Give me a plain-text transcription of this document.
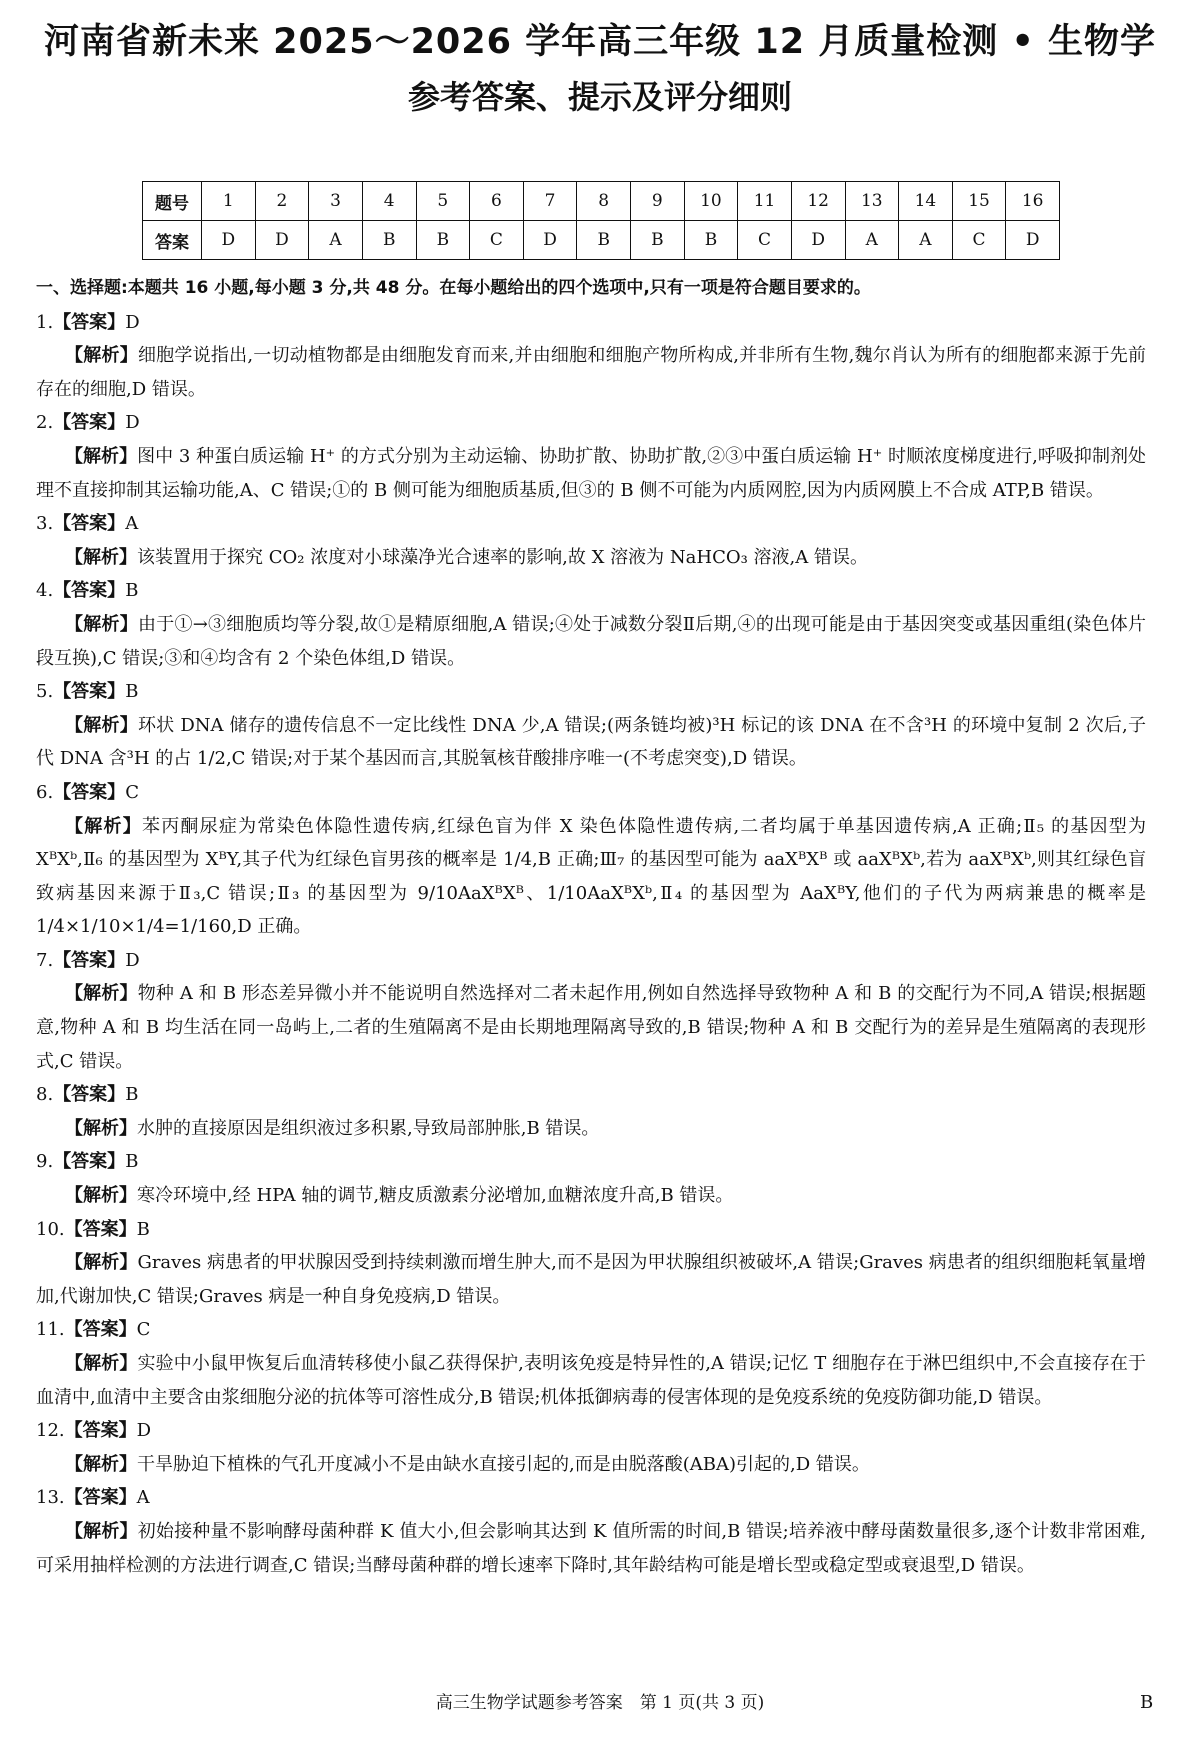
河南省新未来 2025～2026 学年高三年级 12 月质量检测 • 生物学
参考答案、提示及评分细则
题号	1	2	3	4	5	6	7	8	9	10	11	12	13	14	15	16
答案	D	D	A	B	B	C	D	B	B	B	C	D	A	A	C	D
一、选择题:本题共 16 小题,每小题 3 分,共 48 分。在每小题给出的四个选项中,只有一项是符合题目要求的。
1.【答案】D
【解析】细胞学说指出,一切动植物都是由细胞发育而来,并由细胞和细胞产物所构成,并非所有生物,魏尔肖认为所有的细胞都来源于先前存在的细胞,D 错误。
2.【答案】D
【解析】图中 3 种蛋白质运输 H⁺ 的方式分别为主动运输、协助扩散、协助扩散,②③中蛋白质运输 H⁺ 时顺浓度梯度进行,呼吸抑制剂处理不直接抑制其运输功能,A、C 错误;①的 B 侧可能为细胞质基质,但③的 B 侧不可能为内质网腔,因为内质网膜上不合成 ATP,B 错误。
3.【答案】A
【解析】该装置用于探究 CO₂ 浓度对小球藻净光合速率的影响,故 X 溶液为 NaHCO₃ 溶液,A 错误。
4.【答案】B
【解析】由于①→③细胞质均等分裂,故①是精原细胞,A 错误;④处于减数分裂Ⅱ后期,④的出现可能是由于基因突变或基因重组(染色体片段互换),C 错误;③和④均含有 2 个染色体组,D 错误。
5.【答案】B
【解析】环状 DNA 储存的遗传信息不一定比线性 DNA 少,A 错误;(两条链均被)³H 标记的该 DNA 在不含³H 的环境中复制 2 次后,子代 DNA 含³H 的占 1/2,C 错误;对于某个基因而言,其脱氧核苷酸排序唯一(不考虑突变),D 错误。
6.【答案】C
【解析】苯丙酮尿症为常染色体隐性遗传病,红绿色盲为伴 X 染色体隐性遗传病,二者均属于单基因遗传病,A 正确;Ⅱ₅ 的基因型为 XᴮXᵇ,Ⅱ₆ 的基因型为 XᴮY,其子代为红绿色盲男孩的概率是 1/4,B 正确;Ⅲ₇ 的基因型可能为 aaXᴮXᴮ 或 aaXᴮXᵇ,若为 aaXᴮXᵇ,则其红绿色盲致病基因来源于Ⅱ₃,C 错误;Ⅱ₃ 的基因型为 9/10AaXᴮXᴮ、1/10AaXᴮXᵇ,Ⅱ₄ 的基因型为 AaXᴮY,他们的子代为两病兼患的概率是 1/4×1/10×1/4=1/160,D 正确。
7.【答案】D
【解析】物种 A 和 B 形态差异微小并不能说明自然选择对二者未起作用,例如自然选择导致物种 A 和 B 的交配行为不同,A 错误;根据题意,物种 A 和 B 均生活在同一岛屿上,二者的生殖隔离不是由长期地理隔离导致的,B 错误;物种 A 和 B 交配行为的差异是生殖隔离的表现形式,C 错误。
8.【答案】B
【解析】水肿的直接原因是组织液过多积累,导致局部肿胀,B 错误。
9.【答案】B
【解析】寒冷环境中,经 HPA 轴的调节,糖皮质激素分泌增加,血糖浓度升高,B 错误。
10.【答案】B
【解析】Graves 病患者的甲状腺因受到持续刺激而增生肿大,而不是因为甲状腺组织被破坏,A 错误;Graves 病患者的组织细胞耗氧量增加,代谢加快,C 错误;Graves 病是一种自身免疫病,D 错误。
11.【答案】C
【解析】实验中小鼠甲恢复后血清转移使小鼠乙获得保护,表明该免疫是特异性的,A 错误;记忆 T 细胞存在于淋巴组织中,不会直接存在于血清中,血清中主要含由浆细胞分泌的抗体等可溶性成分,B 错误;机体抵御病毒的侵害体现的是免疫系统的免疫防御功能,D 错误。
12.【答案】D
【解析】干旱胁迫下植株的气孔开度减小不是由缺水直接引起的,而是由脱落酸(ABA)引起的,D 错误。
13.【答案】A
【解析】初始接种量不影响酵母菌种群 K 值大小,但会影响其达到 K 值所需的时间,B 错误;培养液中酵母菌数量很多,逐个计数非常困难,可采用抽样检测的方法进行调查,C 错误;当酵母菌种群的增长速率下降时,其年龄结构可能是增长型或稳定型或衰退型,D 错误。
高三生物学试题参考答案　第 1 页(共 3 页)	B
